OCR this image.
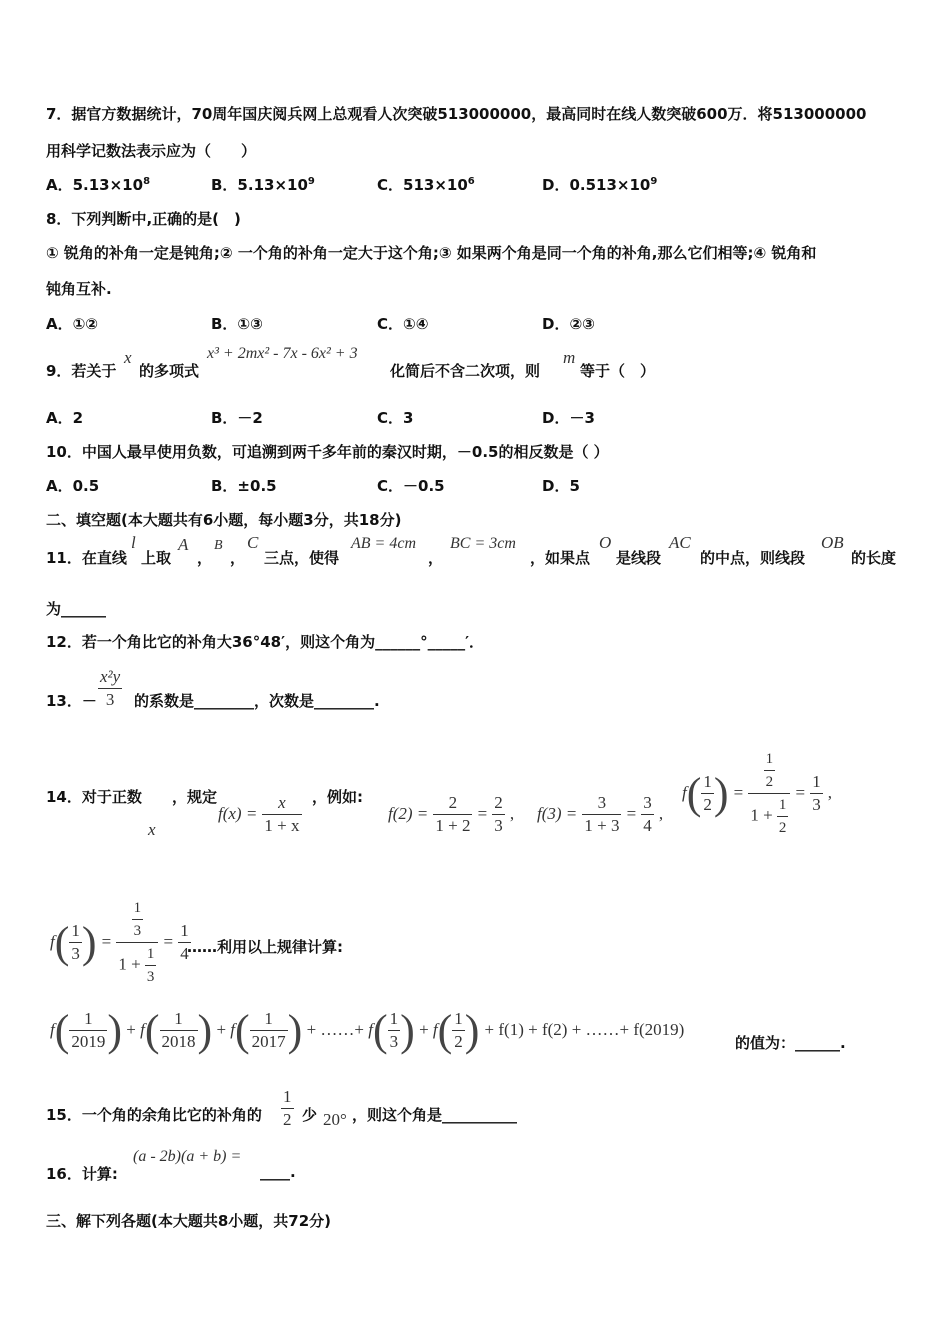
7．据官方数据统计，70周年国庆阅兵网上总观看人次突破513000000，最高同时在线人数突破600万．将513000000
用科学记数法表示应为（　　）
A．$5.13\times 10^8$	B．$5.13\times 10^9$	C．$513\times 10^6$	D．$0.513\times 10^9$
8．下列判断中,正确的是(　)
① 锐角的补角一定是钝角;② 一个角的补角一定大于这个角;③ 如果两个角是同一个角的补角,那么它们相等;④ 锐角和
钝角互补.
A．①②	B．①③	C．①④	D．②③
9．若关于
x
的多项式
x³ + 2mx² - 7x - 6x² + 3
化简后不含二次项，则
m
等于（　）
A．2	B．－2	C．3	D．－3
10．中国人最早使用负数，可追溯到两千多年前的秦汉时期，－0.5的相反数是（ ）
A．0.5	B．±0.5	C．－0.5	D．5
二、填空题(本大题共有6小题，每小题3分，共18分)
11．在直线
l
上取
A
，
B
，
C
三点，使得
AB = 4cm
，
BC = 3cm
，如果点
O
是线段
AC
的中点，则线段
OB
的长度
为______
12．若一个角比它的补角大36°48′，则这个角为______°_____′．
13．－ $\frac{\text{x²y}}{3}$ 的系数是________，次数是________.
14．对于正数
x
，规定
$f(x) = \frac{x}{1 + x}$ ，例如:
$f(2) = \frac{2}{1 + 2} = \frac{2}{3}$ , $f(3) = \frac{3}{1 + 3} = \frac{3}{4}$ ,
$f( \frac{1}{2}$ ) = $\frac{\frac{1}{2}}{1 + \frac{1}{2}} = \frac{1}{3}$ ,
$f( \frac{1}{3}$ ) = $\frac{\frac{1}{3}}{1 + \frac{1}{3}} = \frac{1}{4}$
……利用以上规律计算:
$f( \frac{1}{2019}$ ) + $f( \frac{1}{2018}$ ) + $f( \frac{1}{2017}$ ) + ……+ $f( \frac{1}{3}$ ) + $f( \frac{1}{2}$ ) + f(1) + f(2) + ……+ f(2019)
的值为：______.
15．一个角的余角比它的补角的 $\frac{1}{2}$ 少 20° ，则这个角是__________
16．计算:
(a - 2b)(a + b) =
____.
三、解下列各题(本大题共8小题，共72分)
